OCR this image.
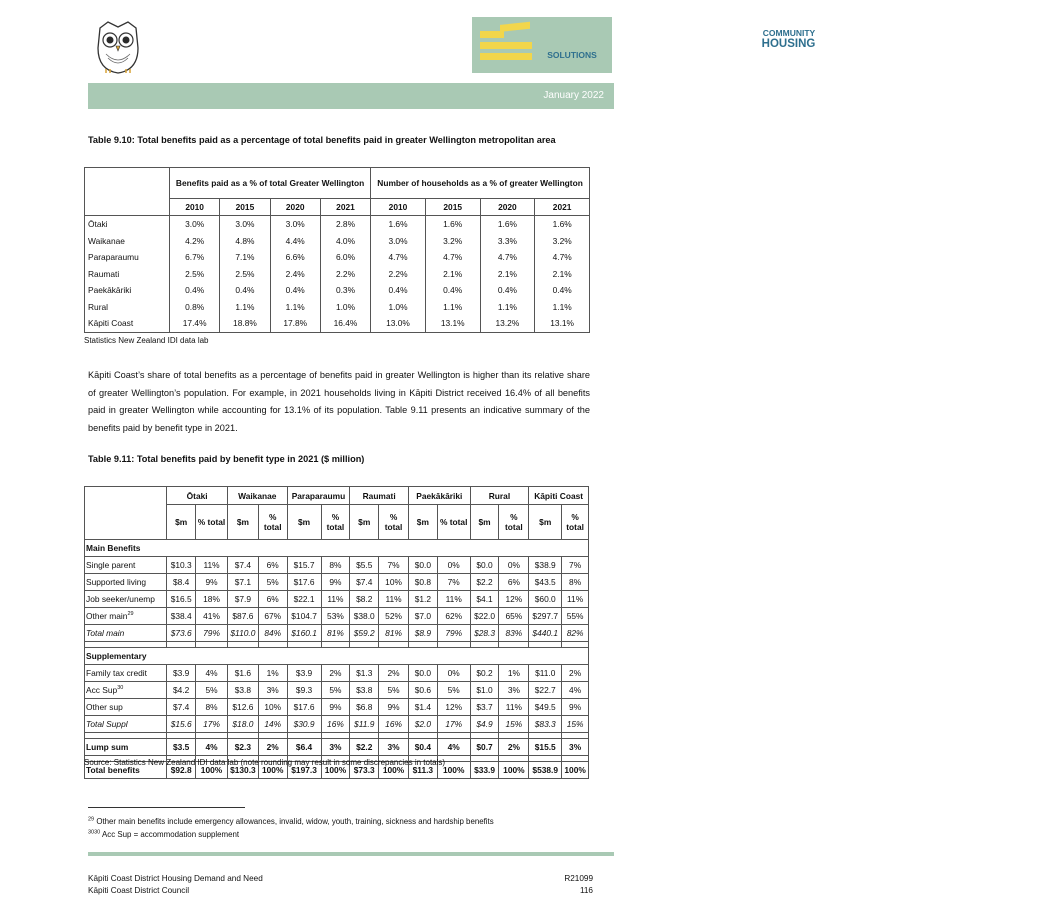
COMMUNITY
HOUSING
SOLUTIONS
January 2022
Table 9.10: Total benefits paid as a percentage of total benefits paid in greater Wellington metropolitan area
	Benefits paid as a % of total Greater Wellington				Number of households as a % of greater Wellington			
	2010	2015	2020	2021	2010	2015	2020	2021
Ōtaki	3.0%	3.0%	3.0%	2.8%	1.6%	1.6%	1.6%	1.6%
Waikanae	4.2%	4.8%	4.4%	4.0%	3.0%	3.2%	3.3%	3.2%
Paraparaumu	6.7%	7.1%	6.6%	6.0%	4.7%	4.7%	4.7%	4.7%
Raumati	2.5%	2.5%	2.4%	2.2%	2.2%	2.1%	2.1%	2.1%
Paekākāriki	0.4%	0.4%	0.4%	0.3%	0.4%	0.4%	0.4%	0.4%
Rural	0.8%	1.1%	1.1%	1.0%	1.0%	1.1%	1.1%	1.1%
Kāpiti Coast	17.4%	18.8%	17.8%	16.4%	13.0%	13.1%	13.2%	13.1%
Statistics New Zealand IDI data lab
Kāpiti Coast’s share of total benefits as a percentage of benefits paid in greater Wellington is higher than its relative share of greater Wellington’s population. For example, in 2021 households living in Kāpiti District received 16.4% of all benefits paid in greater Wellington while accounting for 13.1% of its population. Table 9.11 presents an indicative summary of the benefits paid by benefit type in 2021.
Table 9.11: Total benefits paid by benefit type in 2021 ($ million)
	Ōtaki		Waikanae		Paraparaumu		Raumati		Paekākāriki		Rural		Kāpiti Coast	
	$m	% total	$m	% total	$m	% total	$m	% total	$m	% total	$m	% total	$m	% total
Main Benefits														
Single parent	$10.3	11%	$7.4	6%	$15.7	8%	$5.5	7%	$0.0	0%	$0.0	0%	$38.9	7%
Supported living	$8.4	9%	$7.1	5%	$17.6	9%	$7.4	10%	$0.8	7%	$2.2	6%	$43.5	8%
Job seeker/unemp	$16.5	18%	$7.9	6%	$22.1	11%	$8.2	11%	$1.2	11%	$4.1	12%	$60.0	11%
Other main$^{29}$	$38.4	41%	$87.6	67%	$104.7	53%	$38.0	52%	$7.0	62%	$22.0	65%	$297.7	55%
Total main	$73.6	79%	$110.0	84%	$160.1	81%	$59.2	81%	$8.9	79%	$28.3	83%	$440.1	82%

Supplementary														
Family tax credit	$3.9	4%	$1.6	1%	$3.9	2%	$1.3	2%	$0.0	0%	$0.2	1%	$11.0	2%
Acc Sup$^{30}$	$4.2	5%	$3.8	3%	$9.3	5%	$3.8	5%	$0.6	5%	$1.0	3%	$22.7	4%
Other sup	$7.4	8%	$12.6	10%	$17.6	9%	$6.8	9%	$1.4	12%	$3.7	11%	$49.5	9%
Total Suppl	$15.6	17%	$18.0	14%	$30.9	16%	$11.9	16%	$2.0	17%	$4.9	15%	$83.3	15%

Lump sum	$3.5	4%	$2.3	2%	$6.4	3%	$2.2	3%	$0.4	4%	$0.7	2%	$15.5	3%

Total benefits	$92.8	100%	$130.3	100%	$197.3	100%	$73.3	100%	$11.3	100%	$33.9	100%	$538.9	100%
Source: Statistics New Zealand IDI data lab (note rounding may result in some discrepancies in totals)
$^{29}$ Other main benefits include emergency allowances, invalid, widow, youth, training, sickness and hardship benefits
$^{3030}$ Acc Sup = accommodation supplement
Kāpiti Coast District Housing Demand and Need
Kāpiti Coast District Council
R21099
116
